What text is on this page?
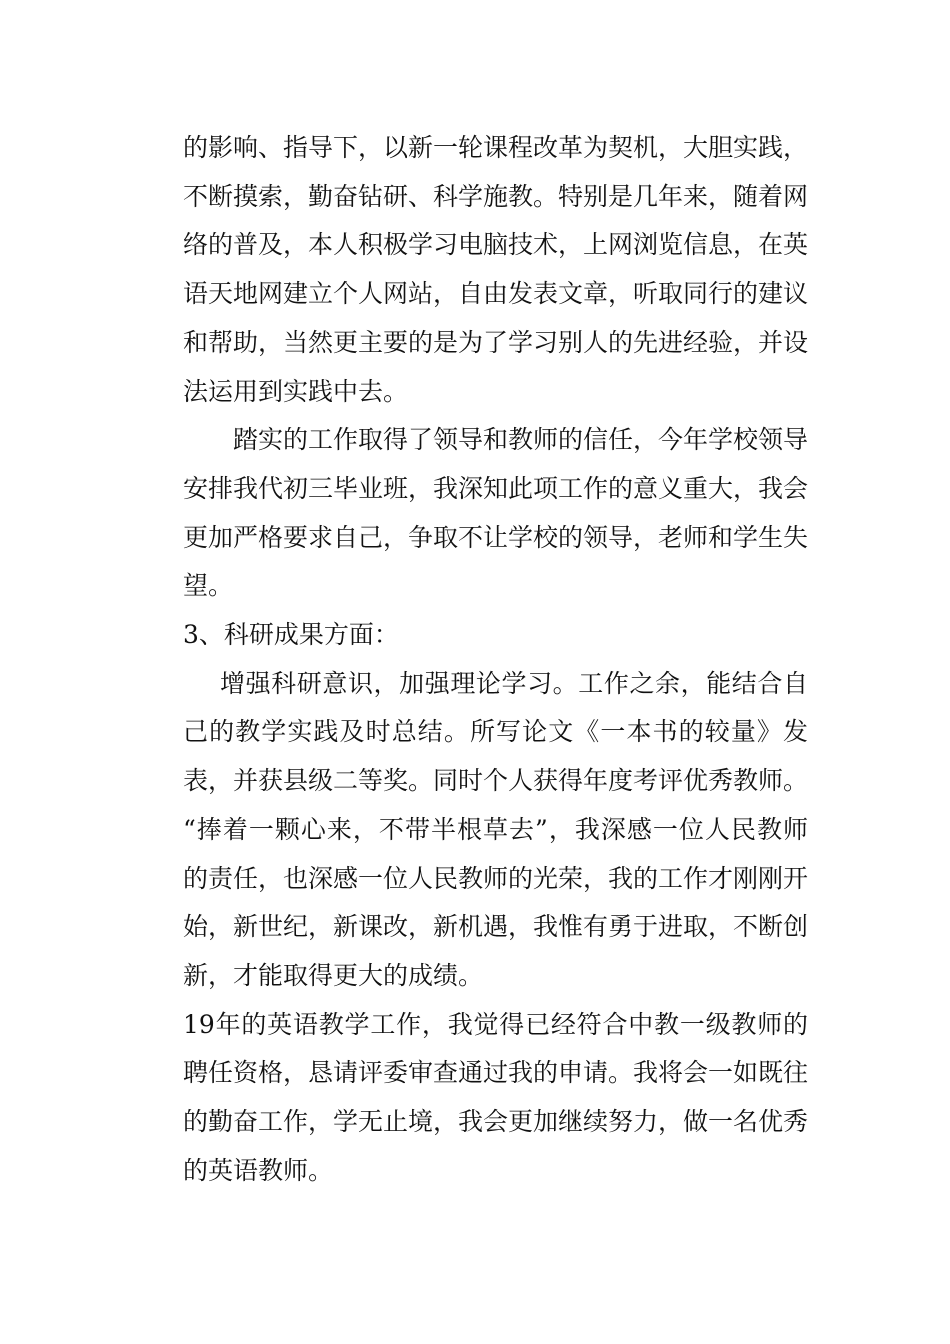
的影响、指导下，以新一轮课程改革为契机，大胆实践，不断摸索，勤奋钻研、科学施教。特别是几年来，随着网络的普及，本人积极学习电脑技术，上网浏览信息，在英语天地网建立个人网站，自由发表文章，听取同行的建议和帮助，当然更主要的是为了学习别人的先进经验，并设法运用到实践中去。

踏实的工作取得了领导和教师的信任，今年学校领导安排我代初三毕业班，我深知此项工作的意义重大，我会更加严格要求自己，争取不让学校的领导，老师和学生失望。

3、科研成果方面：

增强科研意识，加强理论学习。工作之余，能结合自己的教学实践及时总结。所写论文《一本书的较量》发表，并获县级二等奖。同时个人获得年度考评优秀教师。 “捧着一颗心来，不带半根草去”，我深感一位人民教师的责任，也深感一位人民教师的光荣，我的工作才刚刚开始，新世纪，新课改，新机遇，我惟有勇于进取，不断创新，才能取得更大的成绩。

19年的英语教学工作，我觉得已经符合中教一级教师的聘任资格，恳请评委审查通过我的申请。我将会一如既往的勤奋工作，学无止境，我会更加继续努力，做一名优秀的英语教师。
